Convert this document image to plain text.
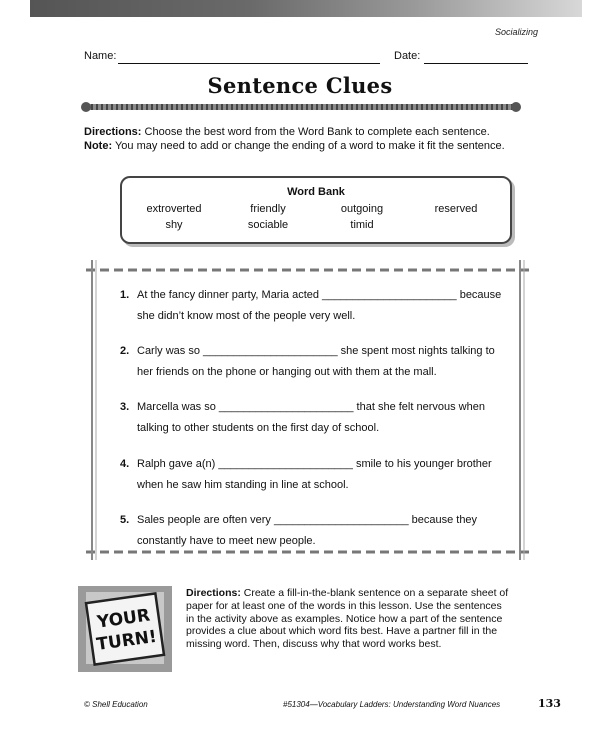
Socializing
Name:	Date:
Sentence Clues
Directions: Choose the best word from the Word Bank to complete each sentence.
Note: You may need to add or change the ending of a word to make it fit the sentence.
Word Bank
extroverted	friendly	outgoing	reserved
shy	sociable	timid
1. At the fancy dinner party, Maria acted ______________________ because
she didn’t know most of the people very well.
2. Carly was so ______________________ she spent most nights talking to
her friends on the phone or hanging out with them at the mall.
3. Marcella was so ______________________ that she felt nervous when
talking to other students on the first day of school.
4. Ralph gave a(n) ______________________ smile to his younger brother
when he saw him standing in line at school.
5. Sales people are often very ______________________ because they
constantly have to meet new people.
YOUR
TURN!
Directions: Create a fill-in-the-blank sentence on a separate sheet of
paper for at least one of the words in this lesson. Use the sentences
in the activity above as examples. Notice how a part of the sentence
provides a clue about which word fits best. Have a partner fill in the
missing word. Then, discuss why that word works best.
© Shell Education	#51304—Vocabulary Ladders: Understanding Word Nuances	133
